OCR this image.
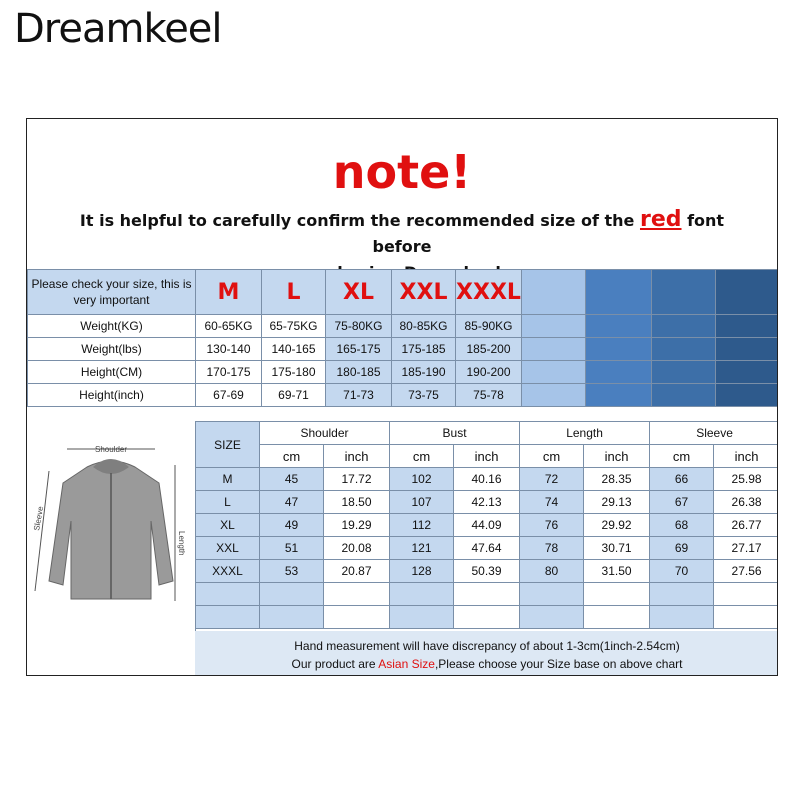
Dreamkeel
note!
It is helpful to carefully confirm the recommended size of the red font before

Please check your size, this is very important	M	L	XL	XXL	XXXL				
Weight(KG)	60-65KG	65-75KG	75-80KG	80-85KG	85-90KG				
Weight(lbs)	130-140	140-165	165-175	175-185	185-200				
Height(CM)	170-175	175-180	180-185	185-190	190-200				
Height(inch)	67-69	69-71	71-73	73-75	75-78				
Shoulder
Length
Sleeve
SIZE	Shoulder		Bust		Length		Sleeve	
	cm	inch	cm	inch	cm	inch	cm	inch
M	45	17.72	102	40.16	72	28.35	66	25.98
L	47	18.50	107	42.13	74	29.13	67	26.38
XL	49	19.29	112	44.09	76	29.92	68	26.77
XXL	51	20.08	121	47.64	78	30.71	69	27.17
XXXL	53	20.87	128	50.39	80	31.50	70	27.56

Hand measurement will have discrepancy of about 1-3cm(1inch-2.54cm)
Our product are Asian Size,Please choose your Size base on above chart
